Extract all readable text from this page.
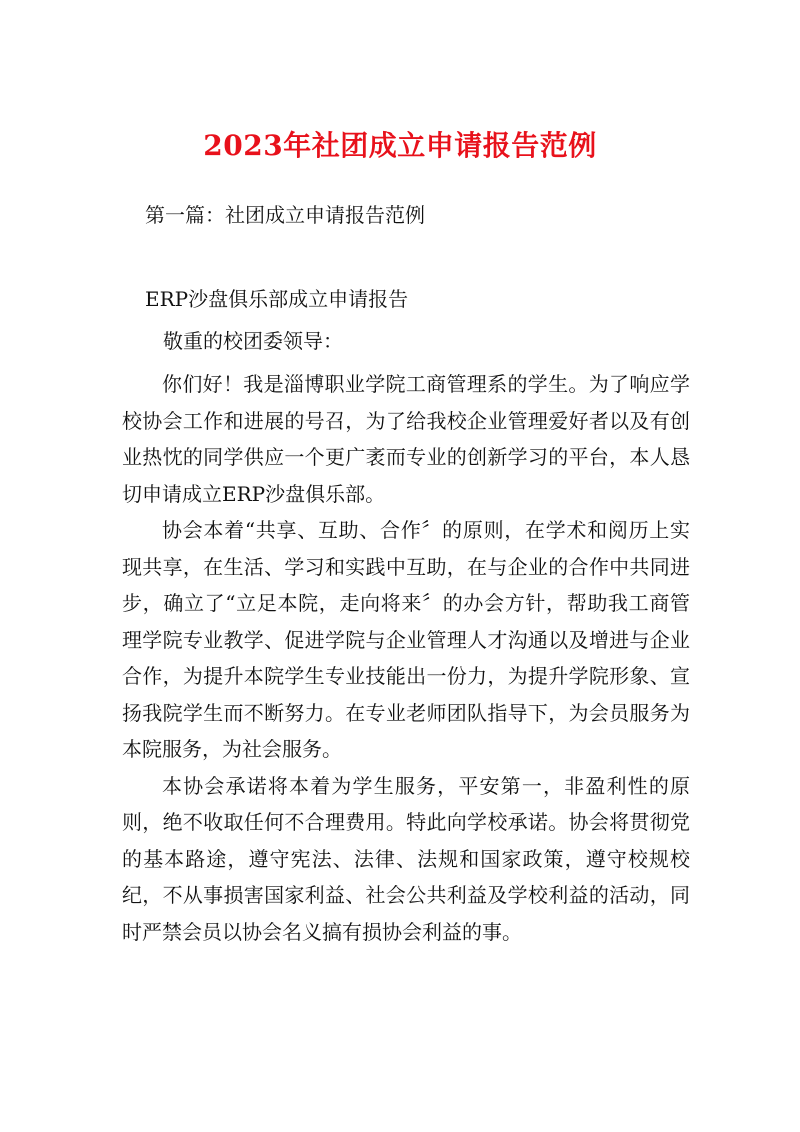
2023年社团成立申请报告范例
第一篇：社团成立申请报告范例

ERP沙盘俱乐部成立申请报告

敬重的校团委领导：

你们好！我是淄博职业学院工商管理系的学生。为了响应学校协会工作和进展的号召，为了给我校企业管理爱好者以及有创业热忱的同学供应一个更广袤而专业的创新学习的平台，本人恳切申请成立ERP沙盘俱乐部。

协会本着“共享、互助、合作〞的原则，在学术和阅历上实现共享，在生活、学习和实践中互助，在与企业的合作中共同进步，确立了“立足本院，走向将来〞的办会方针，帮助我工商管理学院专业教学、促进学院与企业管理人才沟通以及增进与企业合作，为提升本院学生专业技能出一份力，为提升学院形象、宣扬我院学生而不断努力。在专业老师团队指导下，为会员服务为本院服务，为社会服务。

本协会承诺将本着为学生服务，平安第一，非盈利性的原则，绝不收取任何不合理费用。特此向学校承诺。协会将贯彻党的基本路途，遵守宪法、法律、法规和国家政策，遵守校规校纪，不从事损害国家利益、社会公共利益及学校利益的活动，同时严禁会员以协会名义搞有损协会利益的事。
